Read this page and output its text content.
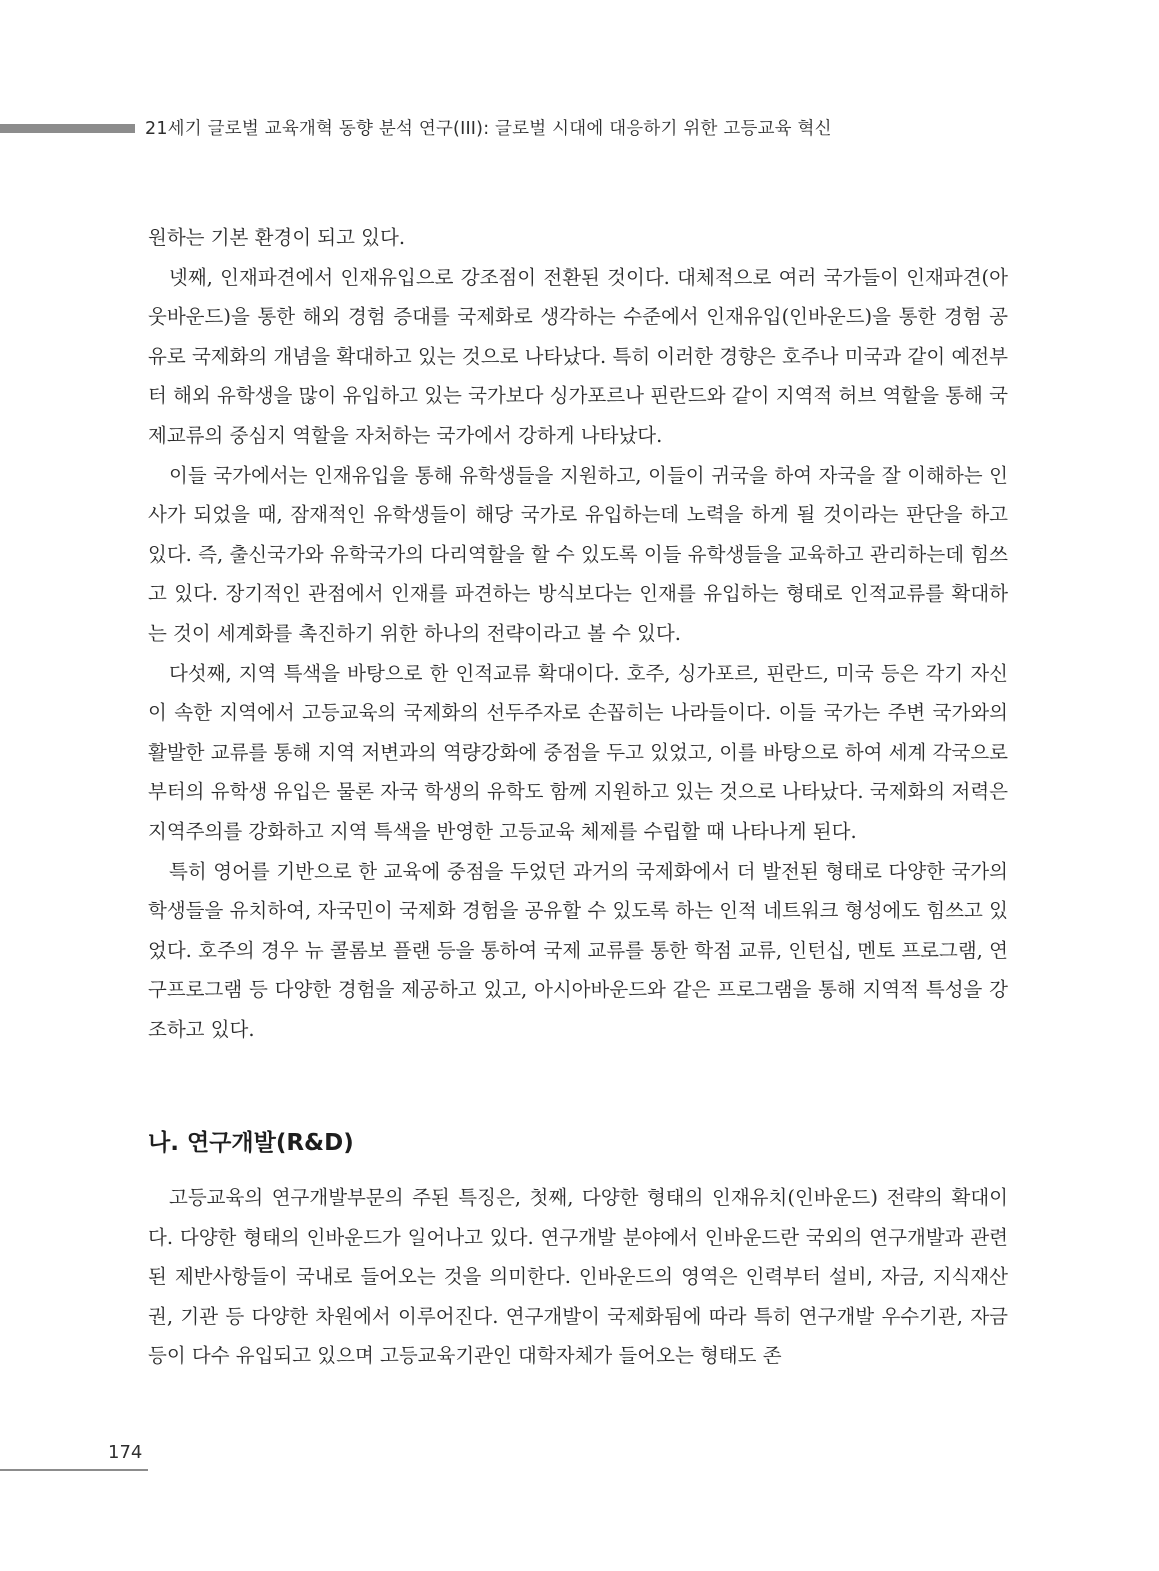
21세기 글로벌 교육개혁 동향 분석 연구(III): 글로벌 시대에 대응하기 위한 고등교육 혁신

원하는 기본 환경이 되고 있다.

넷째, 인재파견에서 인재유입으로 강조점이 전환된 것이다. 대체적으로 여러 국가들이 인재파견(아웃바운드)을 통한 해외 경험 증대를 국제화로 생각하는 수준에서 인재유입(인바운드)을 통한 경험 공유로 국제화의 개념을 확대하고 있는 것으로 나타났다. 특히 이러한 경향은 호주나 미국과 같이 예전부터 해외 유학생을 많이 유입하고 있는 국가보다 싱가포르나 핀란드와 같이 지역적 허브 역할을 통해 국제교류의 중심지 역할을 자처하는 국가에서 강하게 나타났다.

이들 국가에서는 인재유입을 통해 유학생들을 지원하고, 이들이 귀국을 하여 자국을 잘 이해하는 인사가 되었을 때, 잠재적인 유학생들이 해당 국가로 유입하는데 노력을 하게 될 것이라는 판단을 하고 있다. 즉, 출신국가와 유학국가의 다리역할을 할 수 있도록 이들 유학생들을 교육하고 관리하는데 힘쓰고 있다. 장기적인 관점에서 인재를 파견하는 방식보다는 인재를 유입하는 형태로 인적교류를 확대하는 것이 세계화를 촉진하기 위한 하나의 전략이라고 볼 수 있다.

다섯째, 지역 특색을 바탕으로 한 인적교류 확대이다. 호주, 싱가포르, 핀란드, 미국 등은 각기 자신이 속한 지역에서 고등교육의 국제화의 선두주자로 손꼽히는 나라들이다. 이들 국가는 주변 국가와의 활발한 교류를 통해 지역 저변과의 역량강화에 중점을 두고 있었고, 이를 바탕으로 하여 세계 각국으로부터의 유학생 유입은 물론 자국 학생의 유학도 함께 지원하고 있는 것으로 나타났다. 국제화의 저력은 지역주의를 강화하고 지역 특색을 반영한 고등교육 체제를 수립할 때 나타나게 된다.

특히 영어를 기반으로 한 교육에 중점을 두었던 과거의 국제화에서 더 발전된 형태로 다양한 국가의 학생들을 유치하여, 자국민이 국제화 경험을 공유할 수 있도록 하는 인적 네트워크 형성에도 힘쓰고 있었다. 호주의 경우 뉴 콜롬보 플랜 등을 통하여 국제 교류를 통한 학점 교류, 인턴십, 멘토 프로그램, 연구프로그램 등 다양한 경험을 제공하고 있고, 아시아바운드와 같은 프로그램을 통해 지역적 특성을 강조하고 있다.

나. 연구개발(R&D)

고등교육의 연구개발부문의 주된 특징은, 첫째, 다양한 형태의 인재유치(인바운드) 전략의 확대이다. 다양한 형태의 인바운드가 일어나고 있다. 연구개발 분야에서 인바운드란 국외의 연구개발과 관련된 제반사항들이 국내로 들어오는 것을 의미한다. 인바운드의 영역은 인력부터 설비, 자금, 지식재산권, 기관 등 다양한 차원에서 이루어진다. 연구개발이 국제화됨에 따라 특히 연구개발 우수기관, 자금 등이 다수 유입되고 있으며 고등교육기관인 대학자체가 들어오는 형태도 존

174
